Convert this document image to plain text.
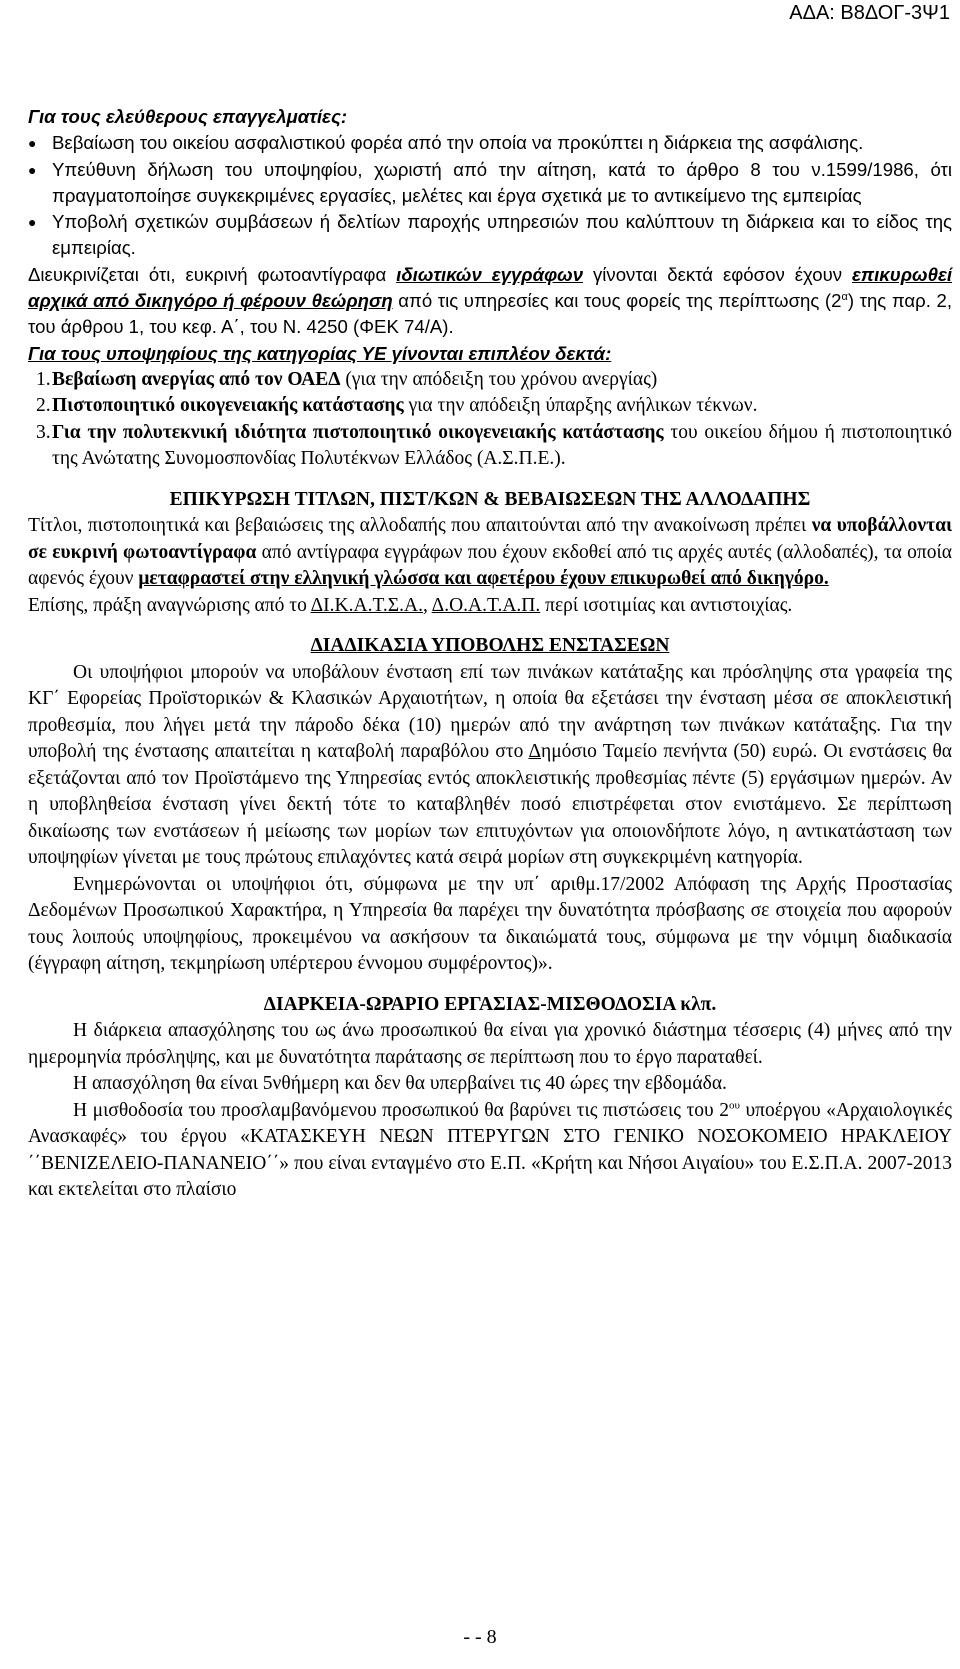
ΑΔΑ: Β8ΔΟΓ-3Ψ1

Για τους ελεύθερους επαγγελματίες:

● Βεβαίωση του οικείου ασφαλιστικού φορέα από την οποία να προκύπτει η διάρκεια της ασφάλισης.
● Υπεύθυνη δήλωση του υποψηφίου, χωριστή από την αίτηση, κατά το άρθρο 8 του ν.1599/1986, ότι πραγματοποίησε συγκεκριμένες εργασίες, μελέτες και έργα σχετικά με το αντικείμενο της εμπειρίας
● Υποβολή σχετικών συμβάσεων ή δελτίων παροχής υπηρεσιών που καλύπτουν τη διάρκεια και το είδος της εμπειρίας.

Διευκρινίζεται ότι, ευκρινή φωτοαντίγραφα ιδιωτικών εγγράφων γίνονται δεκτά εφόσον έχουν επικυρωθεί αρχικά από δικηγόρο ή φέρουν θεώρηση από τις υπηρεσίες και τους φορείς της περίπτωσης $(2^\alpha)$ της παρ. 2, του άρθρου 1, του κεφ. Α΄, του Ν. 4250 (ΦΕΚ 74/Α).

Για τους υποψηφίους της κατηγορίας ΥΕ γίνονται επιπλέον δεκτά:

1. Βεβαίωση ανεργίας από τον ΟΑΕΔ (για την απόδειξη του χρόνου ανεργίας)

2. Πιστοποιητικό οικογενειακής κατάστασης για την απόδειξη ύπαρξης ανήλικων τέκνων.

3. Για την πολυτεκνική ιδιότητα πιστοποιητικό οικογενειακής κατάστασης του οικείου δήμου ή πιστοποιητικό της Ανώτατης Συνομοσπονδίας Πολυτέκνων Ελλάδος (Α.Σ.Π.Ε.).

ΕΠΙΚΥΡΩΣΗ ΤΙΤΛΩΝ, ΠΙΣΤ/ΚΩΝ & ΒΕΒΑΙΩΣΕΩΝ ΤΗΣ ΑΛΛΟΔΑΠΗΣ

Τίτλοι, πιστοποιητικά και βεβαιώσεις της αλλοδαπής που απαιτούνται από την ανακοίνωση πρέπει να υποβάλλονται σε ευκρινή φωτοαντίγραφα από αντίγραφα εγγράφων που έχουν εκδοθεί από τις αρχές αυτές (αλλοδαπές), τα οποία αφενός έχουν μεταφραστεί στην ελληνική γλώσσα και αφετέρου έχουν επικυρωθεί από δικηγόρο.

Επίσης, πράξη αναγνώρισης από το ΔΙ.Κ.Α.Τ.Σ.Α., Δ.Ο.Α.Τ.Α.Π. περί ισοτιμίας και αντιστοιχίας.

ΔΙΑΔΙΚΑΣΙΑ ΥΠΟΒΟΛΗΣ ΕΝΣΤΑΣΕΩΝ

Οι υποψήφιοι μπορούν να υποβάλουν ένσταση επί των πινάκων κατάταξης και πρόσληψης στα γραφεία της ΚΓ΄ Εφορείας Προϊστορικών & Κλασικών Αρχαιοτήτων, η οποία θα εξετάσει την ένσταση μέσα σε αποκλειστική προθεσμία, που λήγει μετά την πάροδο δέκα (10) ημερών από την ανάρτηση των πινάκων κατάταξης. Για την υποβολή της ένστασης απαιτείται η καταβολή παραβόλου στο Δημόσιο Ταμείο πενήντα (50) ευρώ. Οι ενστάσεις θα εξετάζονται από τον Προϊστάμενο της Υπηρεσίας εντός αποκλειστικής προθεσμίας πέντε (5) εργάσιμων ημερών. Αν η υποβληθείσα ένσταση γίνει δεκτή τότε το καταβληθέν ποσό επιστρέφεται στον ενιστάμενο. Σε περίπτωση δικαίωσης των ενστάσεων ή μείωσης των μορίων των επιτυχόντων για οποιονδήποτε λόγο, η αντικατάσταση των υποψηφίων γίνεται με τους πρώτους επιλαχόντες κατά σειρά μορίων στη συγκεκριμένη κατηγορία.

Ενημερώνονται οι υποψήφιοι ότι, σύμφωνα με την υπ΄ αριθμ.17/2002 Απόφαση της Αρχής Προστασίας Δεδομένων Προσωπικού Χαρακτήρα, η Υπηρεσία θα παρέχει την δυνατότητα πρόσβασης σε στοιχεία που αφορούν τους λοιπούς υποψηφίους, προκειμένου να ασκήσουν τα δικαιώματά τους, σύμφωνα με την νόμιμη διαδικασία (έγγραφη αίτηση, τεκμηρίωση υπέρτερου έννομου συμφέροντος)».

ΔΙΑΡΚΕΙΑ-ΩΡΑΡΙΟ ΕΡΓΑΣΙΑΣ-ΜΙΣΘΟΔΟΣΙΑ κλπ.

Η διάρκεια απασχόλησης του ως άνω προσωπικού θα είναι για χρονικό διάστημα τέσσερις (4) μήνες από την ημερομηνία πρόσληψης, και με δυνατότητα παράτασης σε περίπτωση που το έργο παραταθεί.

Η απασχόληση θα είναι 5νθήμερη και δεν θα υπερβαίνει τις 40 ώρες την εβδομάδα.

Η μισθοδοσία του προσλαμβανόμενου προσωπικού θα βαρύνει τις πιστώσεις του $2^{o\upsilon}$ υποέργου «Αρχαιολογικές Ανασκαφές» του έργου «ΚΑΤΑΣΚΕΥΗ ΝΕΩΝ ΠΤΕΡΥΓΩΝ ΣΤΟ ΓΕΝΙΚΟ ΝΟΣΟΚΟΜΕΙΟ ΗΡΑΚΛΕΙΟΥ ΄΄ΒΕΝΙΖΕΛΕΙΟ-ΠΑΝΑΝΕΙΟ΄΄» που είναι ενταγμένο στο Ε.Π. «Κρήτη και Νήσοι Αιγαίου» του Ε.Σ.Π.Α. 2007-2013 και εκτελείται στο πλαίσιο

- - 8
